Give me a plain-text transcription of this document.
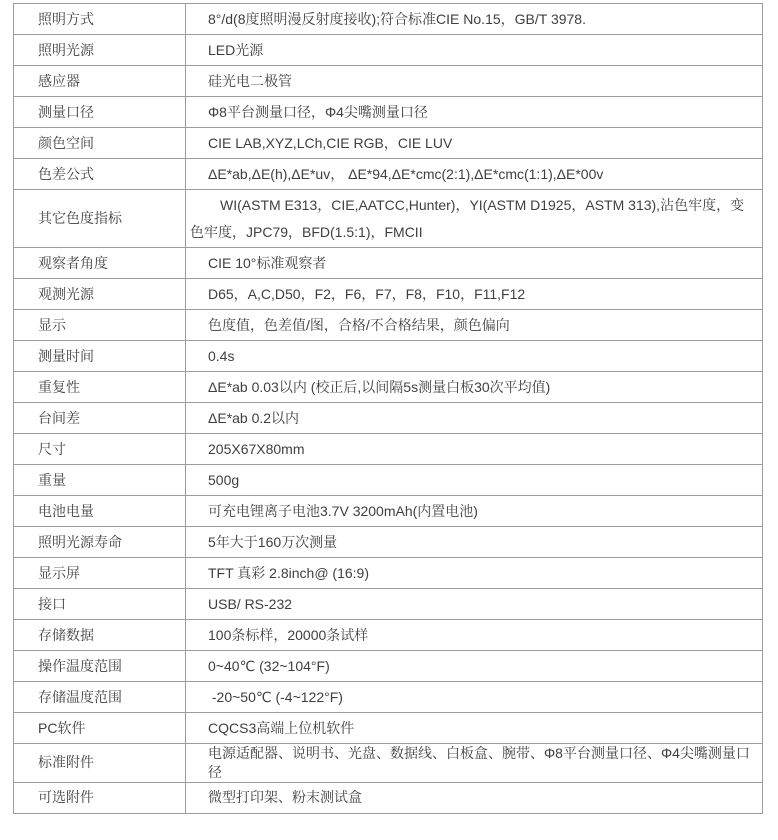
照明方式	8°/d(8度照明漫反射度接收);符合标准CIE No.15，GB/T 3978.
照明光源	LED光源
感应器	硅光电二极管
测量口径	Φ8平台测量口径，Φ4尖嘴测量口径
颜色空间	CIE LAB,XYZ,LCh,CIE RGB，CIE LUV
色差公式	ΔE*ab,ΔE(h),ΔE*uv， ΔE*94,ΔE*cmc(2:1),ΔE*cmc(1:1),ΔE*00v
其它色度指标	WI(ASTM E313，CIE,AATCC,Hunter)，YI(ASTM D1925，ASTM 313),沾色牢度，变色牢度，JPC79，BFD(1.5:1)，FMCII
观察者角度	CIE 10°标准观察者
观测光源	D65，A,C,D50，F2，F6，F7，F8，F10，F11,F12
显示	色度值，色差值/图，合格/不合格结果，颜色偏向
测量时间	0.4s
重复性	ΔE*ab 0.03以内 (校正后,以间隔5s测量白板30次平均值)
台间差	ΔE*ab 0.2以内
尺寸	205X67X80mm
重量	500g
电池电量	可充电锂离子电池3.7V 3200mAh(内置电池)
照明光源寿命	5年大于160万次测量
显示屏	TFT 真彩 2.8inch@ (16:9)
接口	USB/ RS-232
存储数据	100条标样，20000条试样
操作温度范围	0~40℃ (32~104°F)
存储温度范围	-20~50℃ (-4~122°F)
PC软件	CQCS3高端上位机软件
标准附件	电源适配器、说明书、光盘、数据线、白板盒、腕带、Φ8平台测量口径、Φ4尖嘴测量口径
可选附件	微型打印架、粉末测试盒
